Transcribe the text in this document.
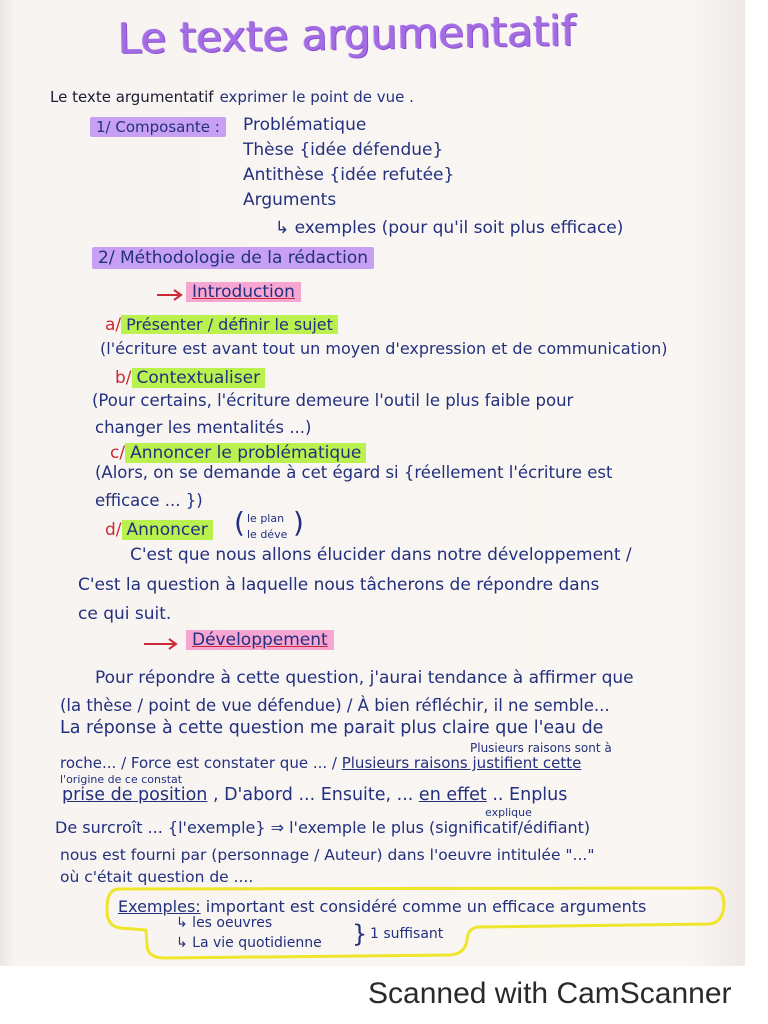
Le texte argumentatif
Le texte argumentatif exprimer le point de vue .
1/ Composante :	Problématique
Thèse {idée défendue}
Antithèse {idée refutée}
Arguments
↳ exemples (pour qu'il soit plus efficace)
2/ Méthodologie de la rédaction
Introduction
a/ Présenter / définir le sujet
(l'écriture est avant tout un moyen d'expression et de communication)
b/ Contextualiser
(Pour certains, l'écriture demeure l'outil le plus faible pour
changer les mentalités ...)
c/ Annoncer le problématique
(Alors, on se demande à cet égard si {réellement l'écriture est
efficace ... })
d/ Annoncer ( le plan
le déve )
C'est que nous allons élucider dans notre développement /
C'est la question à laquelle nous tâcherons de répondre dans
ce qui suit.
Développement
Pour répondre à cette question, j'aurai tendance à affirmer que
(la thèse / point de vue défendue) / À bien réfléchir, il ne semble...
La réponse à cette question me parait plus claire que l'eau de
Plusieurs raisons sont à
roche... / Force est constater que ... / Plusieurs raisons justifient cette
l'origine de ce constat
prise de position , D'abord ... Ensuite, ... en effet .. Enplus
explique
De surcroît ... {l'exemple} ⇒ l'exemple le plus (significatif/édifiant)
nous est fourni par (personnage / Auteur) dans l'oeuvre intitulée "..."
où c'était question de ....
Exemples: important est considéré comme un efficace arguments
↳ les oeuvres
↳ La vie quotidienne } 1 suffisant
Scanned with CamScanner
